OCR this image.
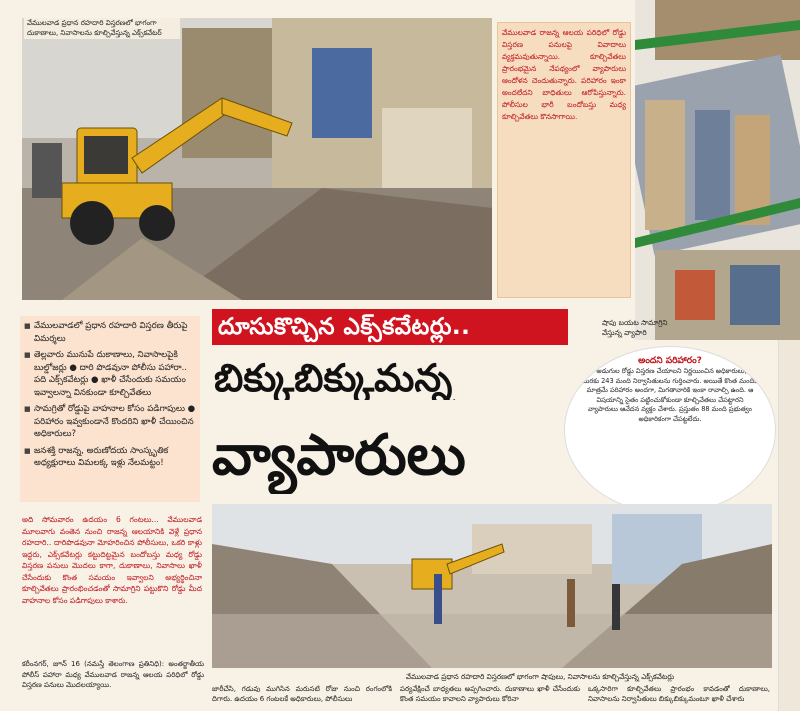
వేములవాడ ప్రధాన రహదారి విస్తరణలో భాగంగా దుకాణాలు, నివాసాలను కూల్చివేస్తున్న ఎక్స్‌కవేటర్	వేములవాడ రాజన్న ఆలయ పరిధిలో రోడ్డు విస్తరణ పనులపై వివాదాలు వ్యక్తమవుతున్నాయి. కూల్చివేతలు ప్రారంభమైన నేపథ్యంలో వ్యాపారులు ఆందోళన చెందుతున్నారు. పరిహారం ఇంకా అందలేదని బాధితులు ఆరోపిస్తున్నారు. పోలీసుల భారీ బందోబస్తు మధ్య కూల్చివేతలు కొనసాగాయి.
షాపు బయట సామాగ్రిని వేస్తున్న వ్యాపారి
■ వేములవాడలో ప్రధాన రహదారి విస్తరణ తీరుపై విమర్శలు
■ తెల్లవారు మునుపే దుకాణాలు, నివాసాలపైకి బుల్డోజర్లు ● దారి పొడవునా పోలీసు పహారా.. పది ఎక్స్‌కవేటర్లు ● ఖాళీ చేసేందుకు సమయం ఇవ్వాలన్నా వినకుండా కూల్చివేతలు
■ సామగ్రితో రోడ్డుపై వాహనాల కోసం పడిగాపులు ● పరిహారం ఇవ్వకుండానే కొందరిని ఖాళీ చేయించిన అధికారులు?
■ జనశక్తి రాజన్న, అరుణోదయ సాంస్కృతిక అధ్యక్షురాలు విమలక్క ఇళ్లు నేలమట్టం!
దూసుకొచ్చిన ఎక్స్‌కవేటర్లు..
బిక్కుబిక్కుమన్న
వ్యాపారులు
అందని పరిహారం?
80 అడుగుల రోడ్డు విస్తరణ చేయాలని నిర్ణయించిన అధికారులు, ఆ మేరకు 243 మంది నిర్వాసితులను గుర్తించారు. అయితే కొంత మందికి మాత్రమే పరిహారం అందగా, మిగతావారికి ఇంకా రావాల్సి ఉంది. ఆ విషయాన్ని సైతం పట్టించుకోకుండా కూల్చివేతలు చేపట్టారని వ్యాపారులు ఆవేదన వ్యక్తం చేశారు. ప్రస్తుతం 88 మంది ప్రభుత్వం అధికారికంగా చేపట్టలేదు.
అది సోమవారం ఉదయం 6 గంటలు... వేములవాడ మూలవాగు వంతెన నుంచి రాజన్న ఆలయానికి వెళ్లే ప్రధాన రహదారి.. దారిపొడవునా మోహరించిన పోలీసులు, ఒకరి కాళ్లు ఇద్దరు, ఎక్స్‌కవేటర్లు కట్టుదిట్టమైన బందోబస్తు మధ్య రోడ్డు విస్తరణ పనులు మొదలు కాగా, దుకాణాలు, నివాసాలు ఖాళీ చేసేందుకు కొంత సమయం ఇవ్వాలని అభ్యర్థించినా కూల్చివేతలు ప్రారంభించడంతో సామాగ్రిని పట్టుకొని రోడ్డు మీద వాహనాల కోసం పడిగాపులు కాశారు.
కరీంనగర్, జూన్ 16 (నమస్తే తెలంగాణ ప్రతినిధి): అంతర్జాతీయ పోలీస్ పహారా మధ్య వేములవాడ రాజన్న ఆలయ పరిధిలో రోడ్డు విస్తరణ పనులు మొదలయ్యాయి.
వేములవాడ ప్రధాన రహదారి విస్తరణలో భాగంగా షాపులు, నివాసాలను కూల్చివేస్తున్న ఎక్స్‌కవేటర్లు
జారీచేసి, గడువు ముగిసిన మరుసటి రోజు నుంచి రంగంలోకి దిగారు. ఉదయం 6 గంటలకే అధికారులు, పోలీసులు
పర్యవేక్షించే బాధ్యతలు అప్పగించారు. దుకాణాలు ఖాళీ చేసేందుకు కొంత సమయం కావాలని వ్యాపారులు కోరినా
ఒక్కసారిగా కూల్చివేతలు ప్రారంభం కావడంతో దుకాణాలు, నివాసాలను నిర్వాసితులు బిక్కుబిక్కుమంటూ ఖాళీ చేశారు
